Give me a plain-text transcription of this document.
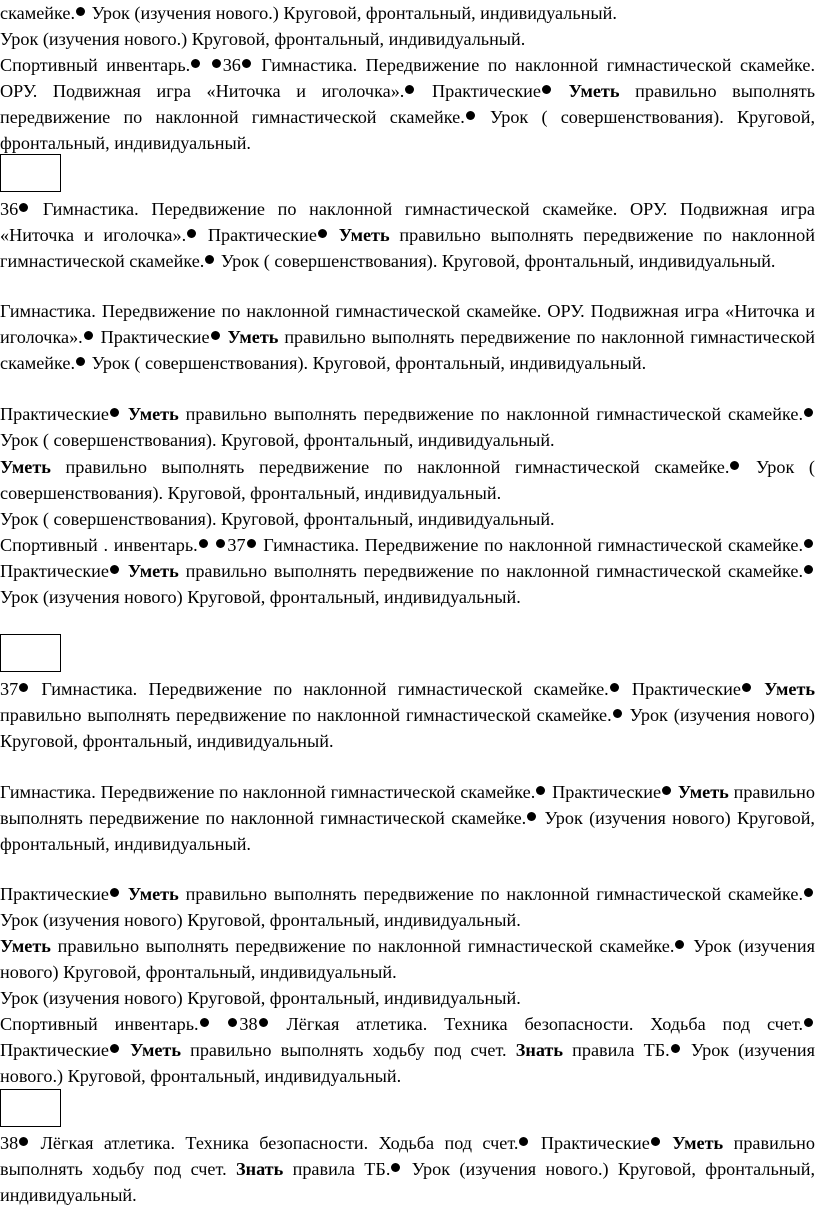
скамейке. Урок (изучения нового.) Круговой, фронтальный, индивидуальный.
Урок (изучения нового.) Круговой, фронтальный, индивидуальный.
Спортивный инвентарь. 36 Гимнастика. Передвижение по наклонной гимнастической скамейке. ОРУ. Подвижная игра «Ниточка и иголочка». Практические Уметь правильно выполнять передвижение по наклонной гимнастической скамейке. Урок ( совершенствования). Круговой, фронтальный, индивидуальный.
36 Гимнастика. Передвижение по наклонной гимнастической скамейке. ОРУ. Подвижная игра «Ниточка и иголочка». Практические Уметь правильно выполнять передвижение по наклонной гимнастической скамейке. Урок ( совершенствования). Круговой, фронтальный, индивидуальный.
Гимнастика. Передвижение по наклонной гимнастической скамейке. ОРУ. Подвижная игра «Ниточка и иголочка». Практические Уметь правильно выполнять передвижение по наклонной гимнастической скамейке. Урок ( совершенствования). Круговой, фронтальный, индивидуальный.
Практические Уметь правильно выполнять передвижение по наклонной гимнастической скамейке. Урок ( совершенствования). Круговой, фронтальный, индивидуальный.
Уметь правильно выполнять передвижение по наклонной гимнастической скамейке. Урок ( совершенствования). Круговой, фронтальный, индивидуальный.
Урок ( совершенствования). Круговой, фронтальный, индивидуальный.
Спортивный . инвентарь. 37 Гимнастика. Передвижение по наклонной гимнастической скамейке. Практические Уметь правильно выполнять передвижение по наклонной гимнастической скамейке. Урок (изучения нового) Круговой, фронтальный, индивидуальный.
37 Гимнастика. Передвижение по наклонной гимнастической скамейке. Практические Уметь правильно выполнять передвижение по наклонной гимнастической скамейке. Урок (изучения нового) Круговой, фронтальный, индивидуальный.
Гимнастика. Передвижение по наклонной гимнастической скамейке. Практические Уметь правильно выполнять передвижение по наклонной гимнастической скамейке. Урок (изучения нового) Круговой, фронтальный, индивидуальный.
Практические Уметь правильно выполнять передвижение по наклонной гимнастической скамейке. Урок (изучения нового) Круговой, фронтальный, индивидуальный.
Уметь правильно выполнять передвижение по наклонной гимнастической скамейке. Урок (изучения нового) Круговой, фронтальный, индивидуальный.
Урок (изучения нового) Круговой, фронтальный, индивидуальный.
Спортивный инвентарь. 38 Лёгкая атлетика. Техника безопасности. Ходьба под счет. Практические Уметь правильно выполнять ходьбу под счет. Знать правила ТБ. Урок (изучения нового.) Круговой, фронтальный, индивидуальный.
38 Лёгкая атлетика. Техника безопасности. Ходьба под счет. Практические Уметь правильно выполнять ходьбу под счет. Знать правила ТБ. Урок (изучения нового.) Круговой, фронтальный, индивидуальный.
